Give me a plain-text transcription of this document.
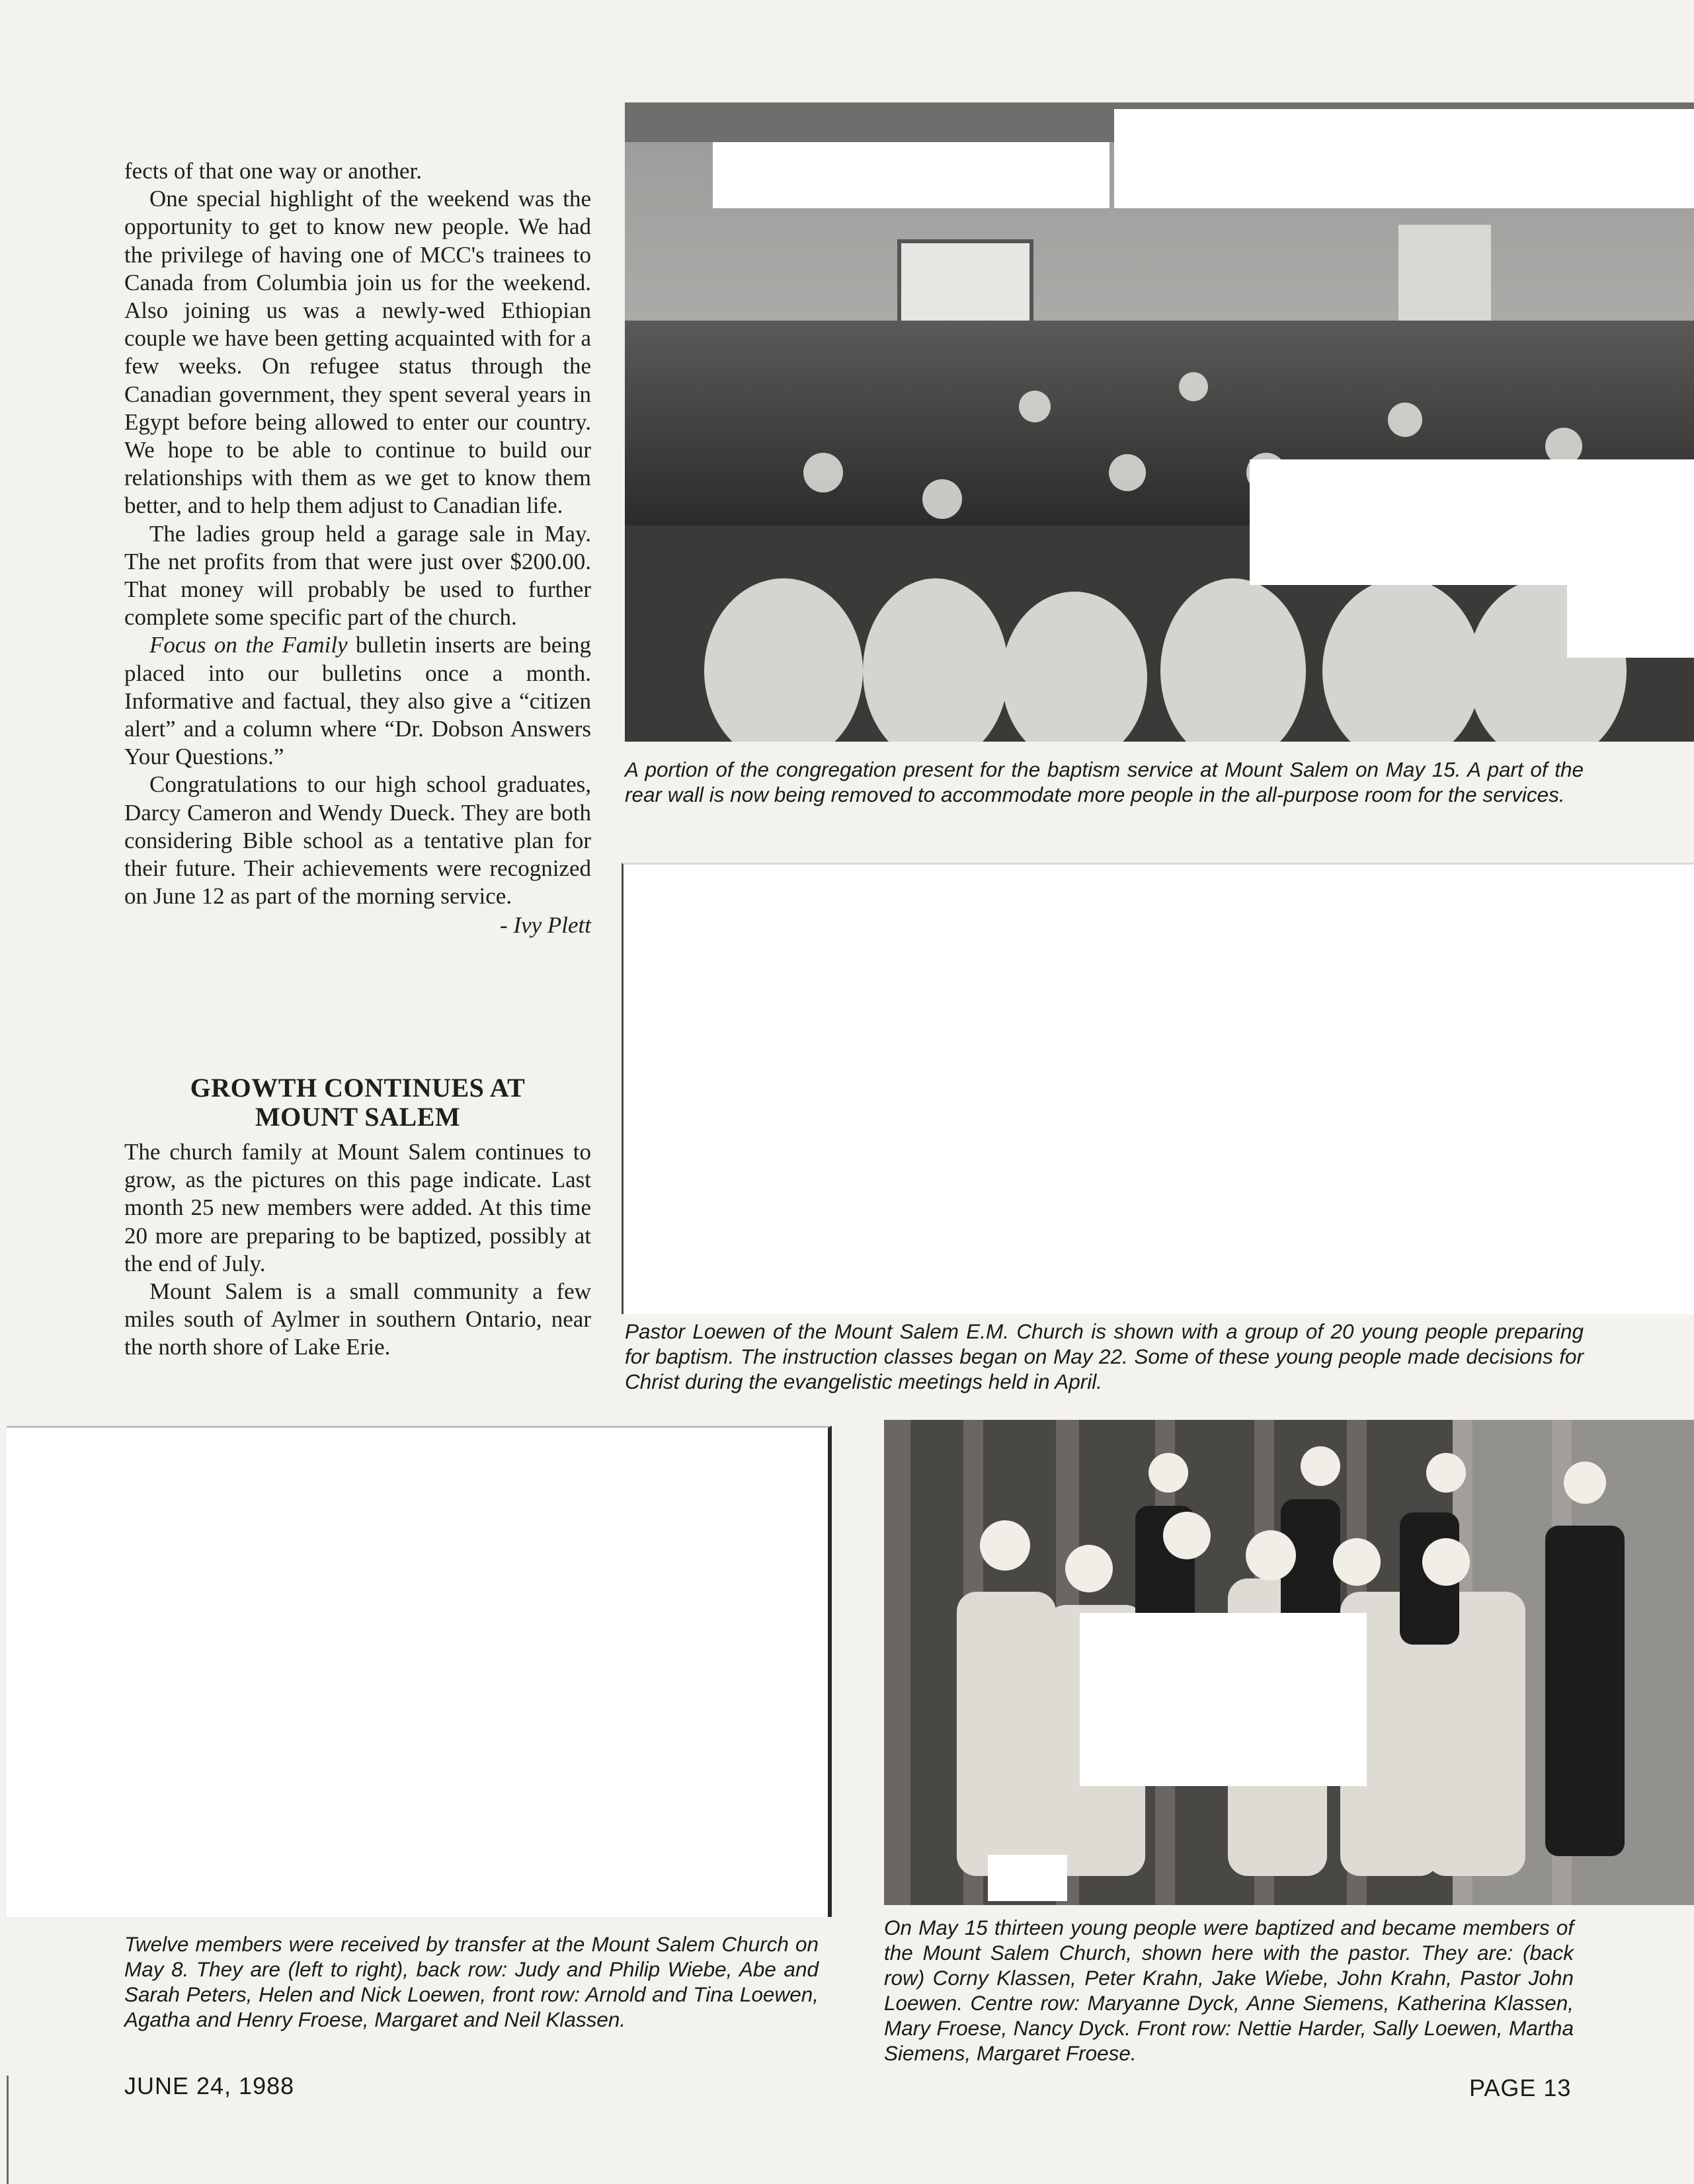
fects of that one way or another.

One special highlight of the weekend was the opportunity to get to know new people. We had the privilege of having one of MCC's trainees to Canada from Columbia join us for the weekend. Also joining us was a newly-wed Ethiopian couple we have been getting acquainted with for a few weeks. On refugee status through the Canadian government, they spent several years in Egypt before being allowed to enter our country. We hope to be able to continue to build our relationships with them as we get to know them better, and to help them adjust to Canadian life.

The ladies group held a garage sale in May. The net profits from that were just over $200.00. That money will probably be used to further complete some specific part of the church.

Focus on the Family bulletin inserts are being placed into our bulletins once a month. Informative and factual, they also give a “citizen alert” and a column where “Dr. Dobson Answers Your Questions.”

Congratulations to our high school graduates, Darcy Cameron and Wendy Dueck. They are both considering Bible school as a tentative plan for their future. Their achievements were recognized on June 12 as part of the morning service.

- Ivy Plett

GROWTH CONTINUES AT
MOUNT SALEM

The church family at Mount Salem continues to grow, as the pictures on this page indicate. Last month 25 new members were added. At this time 20 more are preparing to be baptized, possibly at the end of July.

Mount Salem is a small community a few miles south of Aylmer in southern Ontario, near the north shore of Lake Erie.

A portion of the congregation present for the baptism service at Mount Salem on May 15. A part of the rear wall is now being removed to accommodate more people in the all-purpose room for the services.
Pastor Loewen of the Mount Salem E.M. Church is shown with a group of 20 young people preparing for baptism. The instruction classes began on May 22. Some of these young people made decisions for Christ during the evangelistic meetings held in April.
Twelve members were received by transfer at the Mount Salem Church on May 8. They are (left to right), back row: Judy and Philip Wiebe, Abe and Sarah Peters, Helen and Nick Loewen, front row: Arnold and Tina Loewen, Agatha and Henry Froese, Margaret and Neil Klassen.
On May 15 thirteen young people were baptized and became members of the Mount Salem Church, shown here with the pastor. They are: (back row) Corny Klassen, Peter Krahn, Jake Wiebe, John Krahn, Pastor John Loewen. Centre row: Maryanne Dyck, Anne Siemens, Katherina Klassen, Mary Froese, Nancy Dyck. Front row: Nettie Harder, Sally Loewen, Martha Siemens, Margaret Froese.
JUNE 24, 1988	PAGE 13
